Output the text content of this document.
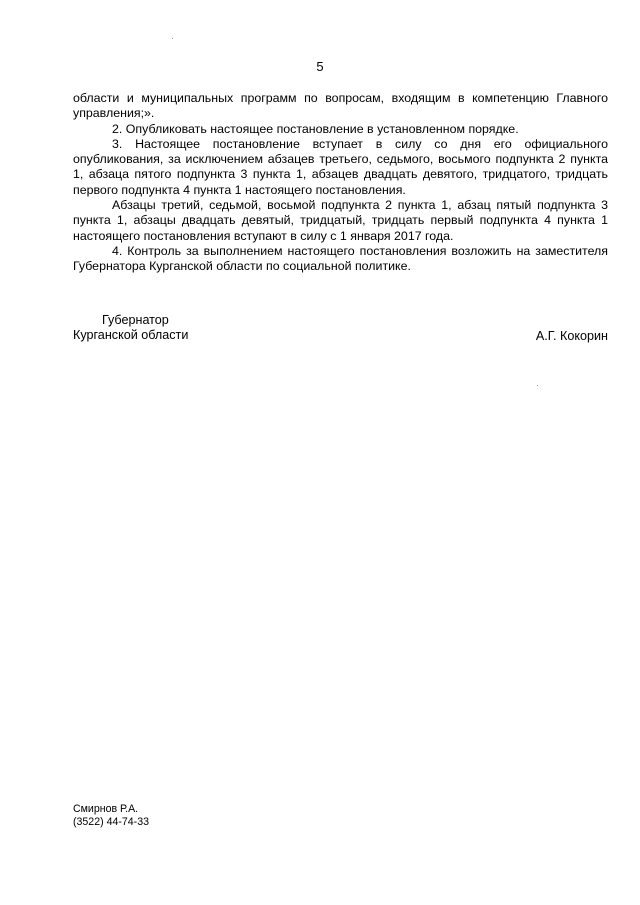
5

области и муниципальных программ по вопросам, входящим в компетенцию Главного управления;».

2. Опубликовать настоящее постановление в установленном порядке.

3. Настоящее постановление вступает в силу со дня его официального опубликования, за исключением абзацев третьего, седьмого, восьмого подпункта 2 пункта 1, абзаца пятого подпункта 3 пункта 1, абзацев двадцать девятого, тридцатого, тридцать первого подпункта 4 пункта 1 настоящего постановления.

Абзацы третий, седьмой, восьмой подпункта 2 пункта 1, абзац пятый подпункта 3 пункта 1, абзацы двадцать девятый, тридцатый, тридцать первый подпункта 4 пункта 1 настоящего постановления вступают в силу с 1 января 2017 года.

4. Контроль за выполнением настоящего постановления возложить на заместителя Губернатора Курганской области по социальной политике.

Губернатор
Курганской области	А.Г. Кокорин
Смирнов Р.А.
(3522) 44-74-33
